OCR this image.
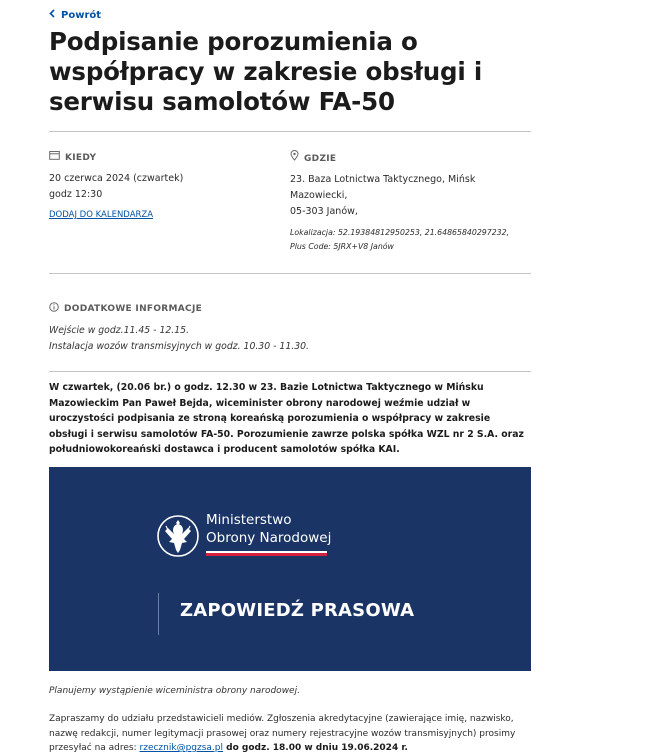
Powrót
Podpisanie porozumienia o współpracy w zakresie obsługi i serwisu samolotów FA-50
KIEDY

20 czerwca 2024 (czwartek)

godz 12:30

DODAJ DO KALENDARZA
GDZIE

23. Baza Lotnictwa Taktycznego, Mińsk

Mazowiecki,

05-303 Janów,

Lokalizacja: 52.19384812950253, 21.64865840297232,

Plus Code: 5JRX+V8 Janów

DODATKOWE INFORMACJE

Wejście w godz.11.45 - 12.15.

Instalacja wozów transmisyjnych w godz. 10.30 - 11.30.

W czwartek, (20.06 br.) o godz. 12.30 w 23. Bazie Lotnictwa Taktycznego w Mińsku Mazowieckim Pan Paweł Bejda, wiceminister obrony narodowej weźmie udział w uroczystości podpisania ze stroną koreańską porozumienia o współpracy w zakresie obsługi i serwisu samolotów FA-50. Porozumienie zawrze polska spółka WZL nr 2 S.A. oraz południowokoreański dostawca i producent samolotów spółka KAI.

Ministerstwo
Obrony Narodowej
ZAPOWIEDŹ PRASOWA

Planujemy wystąpienie wiceministra obrony narodowej.

Zapraszamy do udziału przedstawicieli mediów. Zgłoszenia akredytacyjne (zawierające imię, nazwisko, nazwę redakcji, numer legitymacji prasowej oraz numery rejestracyjne wozów transmisyjnych) prosimy przesyłać na adres: rzecznik@pgzsa.pl do godz. 18.00 w dniu 19.06.2024 r.
